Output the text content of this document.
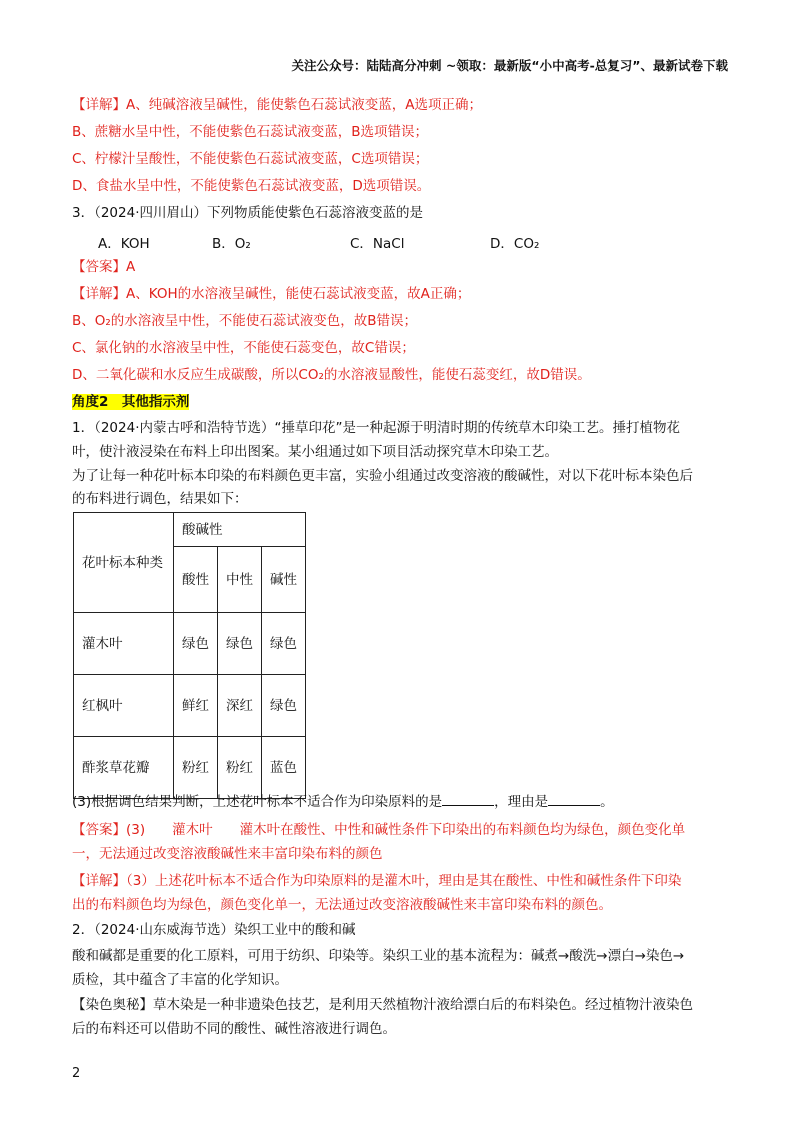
关注公众号：陆陆高分冲刺 ~领取：最新版“小中高考-总复习”、最新试卷下载
【详解】A、纯碱溶液呈碱性，能使紫色石蕊试液变蓝，A选项正确；
B、蔗糖水呈中性，不能使紫色石蕊试液变蓝，B选项错误；
C、柠檬汁呈酸性，不能使紫色石蕊试液变蓝，C选项错误；
D、食盐水呈中性，不能使紫色石蕊试液变蓝，D选项错误。
3．（2024·四川眉山）下列物质能使紫色石蕊溶液变蓝的是
A．KOH	B．O₂	C．NaCl	D．CO₂
【答案】A
【详解】A、KOH的水溶液呈碱性，能使石蕊试液变蓝，故A正确；
B、O₂的水溶液呈中性，不能使石蕊试液变色，故B错误；
C、氯化钠的水溶液呈中性，不能使石蕊变色，故C错误；
D、二氧化碳和水反应生成碳酸，所以CO₂的水溶液显酸性，能使石蕊变红，故D错误。
角度2　其他指示剂
1．（2024·内蒙古呼和浩特节选）“捶草印花”是一种起源于明清时期的传统草木印染工艺。捶打植物花
叶，使汁液浸染在布料上印出图案。某小组通过如下项目活动探究草木印染工艺。
为了让每一种花叶标本印染的布料颜色更丰富，实验小组通过改变溶液的酸碱性，对以下花叶标本染色后
的布料进行调色，结果如下：
花叶标本种类	酸碱性		
	酸性	中性	碱性
灌木叶	绿色	绿色	绿色
红枫叶	鲜红	深红	绿色
酢浆草花瓣	粉红	粉红	蓝色
(3)根据调色结果判断，上述花叶标本不适合作为印染原料的是	，理由是	。
【答案】(3)　　灌木叶　　灌木叶在酸性、中性和碱性条件下印染出的布料颜色均为绿色，颜色变化单
一，无法通过改变溶液酸碱性来丰富印染布料的颜色
【详解】（3）上述花叶标本不适合作为印染原料的是灌木叶，理由是其在酸性、中性和碱性条件下印染
出的布料颜色均为绿色，颜色变化单一，无法通过改变溶液酸碱性来丰富印染布料的颜色。
2．（2024·山东威海节选）染织工业中的酸和碱
酸和碱都是重要的化工原料，可用于纺织、印染等。染织工业的基本流程为：碱煮→酸洗→漂白→染色→
质检，其中蕴含了丰富的化学知识。
【染色奥秘】草木染是一种非遗染色技艺，是利用天然植物汁液给漂白后的布料染色。经过植物汁液染色
后的布料还可以借助不同的酸性、碱性溶液进行调色。
2
